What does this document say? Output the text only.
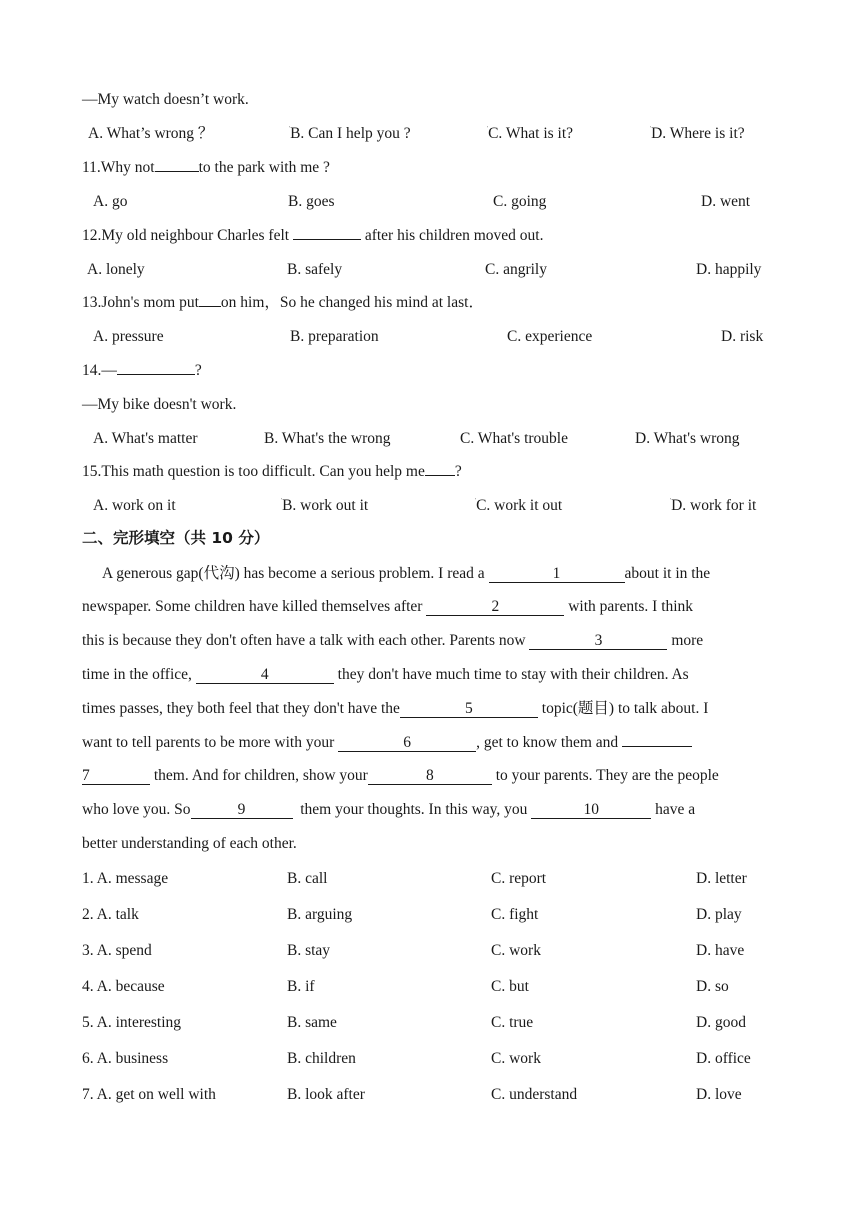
—My watch doesn’t work.
A. What’s wrong ？	'B. Can I help you ?	'C. What is it?	'D. Where is it?
11.Why not	to the park with me ?
A. go	B. goes	C. going	D. went
12.My old neighbour Charles felt	after his children moved out.
A. lonely	B. safely	C. angrily	D. happily
13.John's mom put on him，So he changed his mind at last．
A. pressure	B. preparation	C. experience	D. risk
14.—	?
—My bike doesn't work.
A. What's matter	B. What's the wrong	C. What's trouble	D. What's wrong
15.This math question is too difficult. Can you help me ?
A. work on it	'B. work out it	'C. work it out	'D. work for it
二、完形填空（共 10 分）
A generous gap(代沟) has become a serious problem. I read a	1	about it in the
newspaper. Some children have killed themselves after	2	with parents. I think
this is because they don't often have a talk with each other. Parents now	3	more
time in the office,	4	they don't have much time to stay with their children. As
times passes, they both feel that they don't have the	5	topic(题目) to talk about. I
want to tell parents to be more with your	6	, get to know them and
7	them. And for children, show your	8	to your parents. They are the people
who love you. So	9	them your thoughts. In this way, you	10	have a
better understanding of each other.
1. A. message	B. call	C. report	D. letter
2. A. talk	B. arguing	C. fight	D. play
3. A. spend	B. stay	C. work	D. have
4. A. because	B. if	C. but	D. so
5. A. interesting	B. same	C. true	D. good
6. A. business	B. children	C. work	D. office
7. A. get on well with	B. look after	C. understand	D. love
